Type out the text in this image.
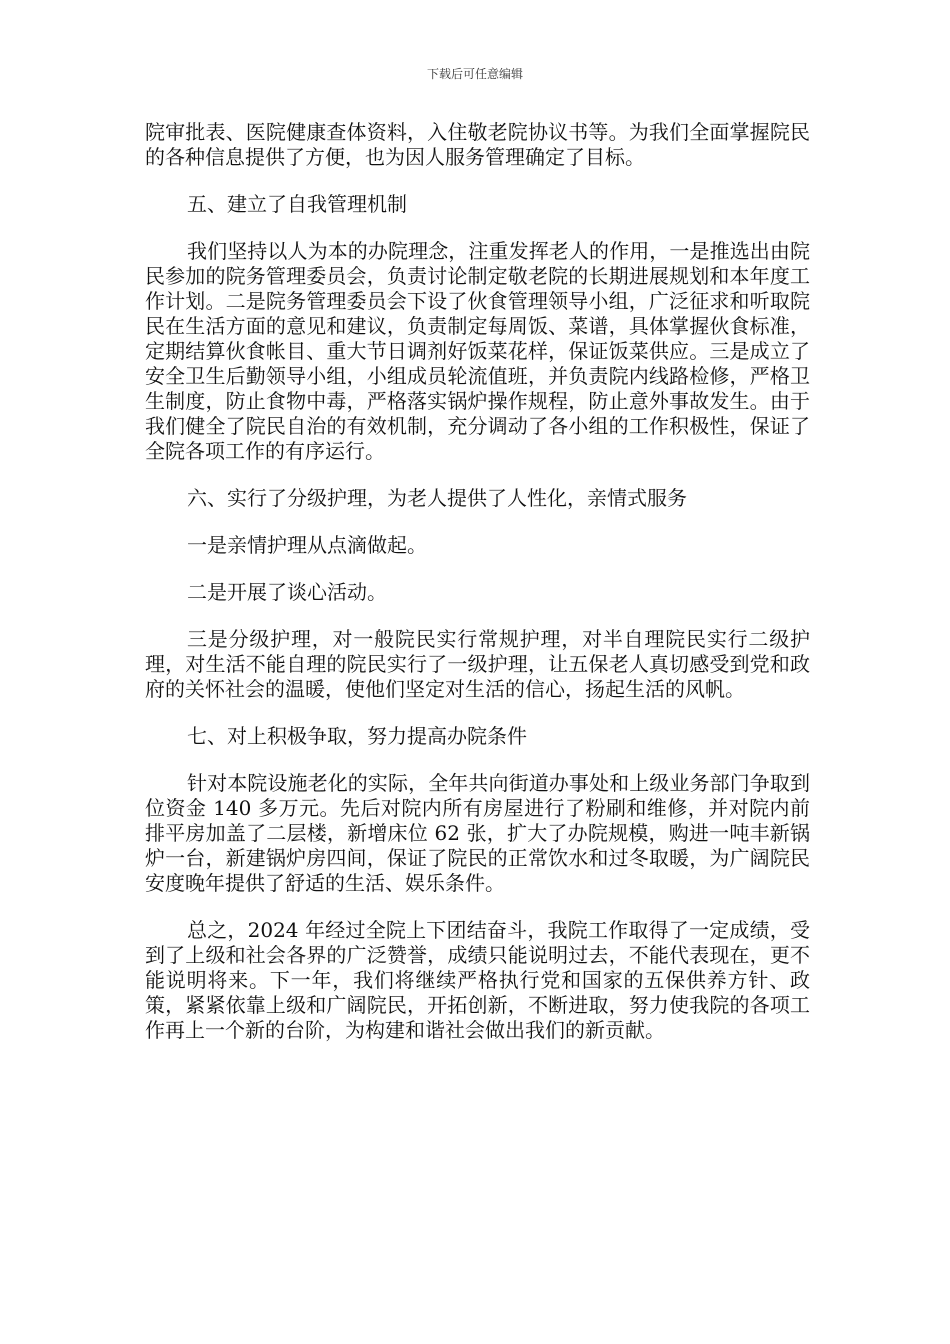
下载后可任意编辑

院审批表、医院健康查体资料，入住敬老院协议书等。为我们全面掌握院民的各种信息提供了方便，也为因人服务管理确定了目标。

五、建立了自我管理机制

我们坚持以人为本的办院理念，注重发挥老人的作用，一是推选出由院民参加的院务管理委员会，负责讨论制定敬老院的长期进展规划和本年度工作计划。二是院务管理委员会下设了伙食管理领导小组，广泛征求和听取院民在生活方面的意见和建议，负责制定每周饭、菜谱，具体掌握伙食标准，定期结算伙食帐目、重大节日调剂好饭菜花样，保证饭菜供应。三是成立了安全卫生后勤领导小组，小组成员轮流值班，并负责院内线路检修，严格卫生制度，防止食物中毒，严格落实锅炉操作规程，防止意外事故发生。由于我们健全了院民自治的有效机制，充分调动了各小组的工作积极性，保证了全院各项工作的有序运行。

六、实行了分级护理，为老人提供了人性化，亲情式服务

一是亲情护理从点滴做起。

二是开展了谈心活动。

三是分级护理，对一般院民实行常规护理，对半自理院民实行二级护理，对生活不能自理的院民实行了一级护理，让五保老人真切感受到党和政府的关怀社会的温暖，使他们坚定对生活的信心，扬起生活的风帆。

七、对上积极争取，努力提高办院条件

针对本院设施老化的实际，全年共向街道办事处和上级业务部门争取到位资金 140 多万元。先后对院内所有房屋进行了粉刷和维修，并对院内前排平房加盖了二层楼，新增床位 62 张，扩大了办院规模，购进一吨丰新锅炉一台，新建锅炉房四间，保证了院民的正常饮水和过冬取暖，为广阔院民安度晚年提供了舒适的生活、娱乐条件。

总之，2024 年经过全院上下团结奋斗，我院工作取得了一定成绩，受到了上级和社会各界的广泛赞誉，成绩只能说明过去，不能代表现在，更不能说明将来。下一年，我们将继续严格执行党和国家的五保供养方针、政策，紧紧依靠上级和广阔院民，开拓创新，不断进取，努力使我院的各项工作再上一个新的台阶，为构建和谐社会做出我们的新贡献。
